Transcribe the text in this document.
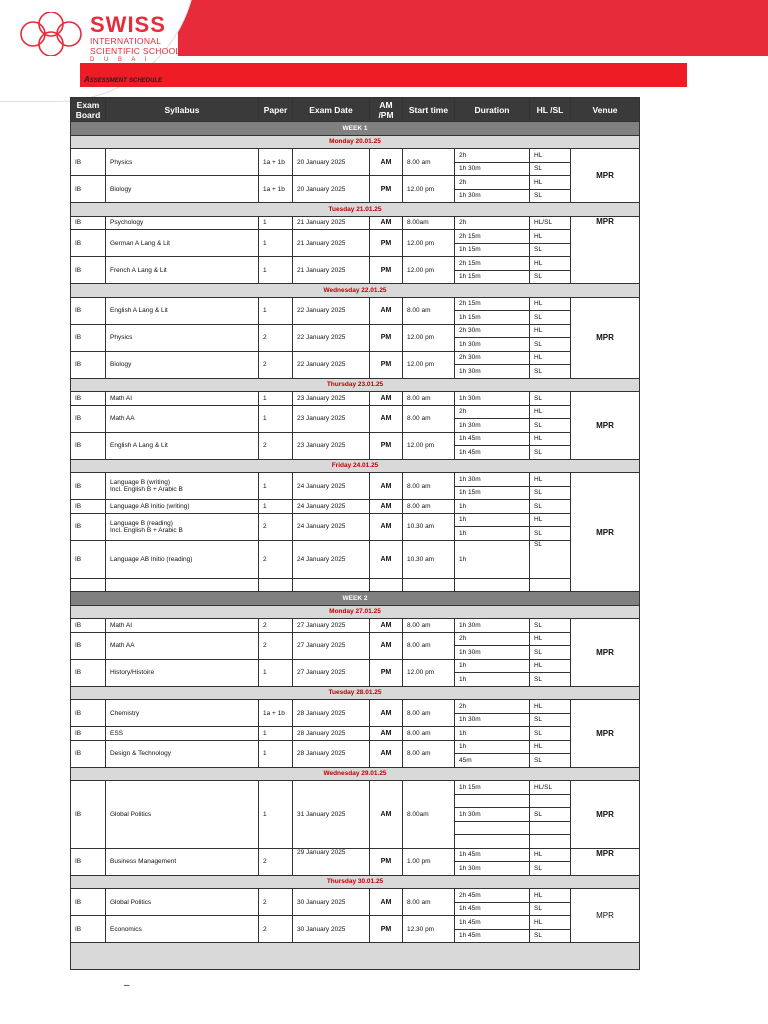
SWISS
INTERNATIONAL
SCIENTIFIC SCHOOL
D U B A I
Assessment schedule
Exam Board	Syllabus	Paper	Exam Date	AM /PM	Start time	Duration	HL /SL	Venue
WEEK 1								
Monday 20.01.25								
IB	Physics	1a + 1b	20 January 2025	AM	8.00 am	2h	HL	MPR
						1h 30m	SL	
IB	Biology	1a + 1b	20 January 2025	PM	12.00 pm	2h	HL	
						1h 30m	SL	
Tuesday 21.01.25								
IB	Psychology	1	21 January 2025	AM	8.00am	2h	HL/SL	MPR
IB	German A Lang & Lit	1	21 January 2025	PM	12.00 pm	2h 15m	HL	
						1h 15m	SL	
IB	French A Lang & Lit	1	21 January 2025	PM	12.00 pm	2h 15m	HL	
						1h 15m	SL	
Wednesday 22.01.25								
IB	English A Lang & Lit	1	22 January 2025	AM	8.00 am	2h 15m	HL	MPR
						1h 15m	SL	
IB	Physics	2	22 January 2025	PM	12.00 pm	2h 30m	HL	
						1h 30m	SL	
IB	Biology	2	22 January 2025	PM	12.00 pm	2h 30m	HL	
						1h 30m	SL	
Thursday 23.01.25								
IB	Math AI	1	23 January 2025	AM	8.00 am	1h 30m	SL	MPR
IB	Math AA	1	23 January 2025	AM	8.00 am	2h	HL	
						1h 30m	SL	
IB	English A Lang & Lit	2	23 January 2025	PM	12.00 pm	1h 45m	HL	
						1h 45m	SL	
Friday 24.01.25								
IB	Language B (writing)
Incl. English B + Arabic B	1	24 January 2025	AM	8.00 am	1h 30m	HL	MPR
						1h 15m	SL	
IB	Language AB Initio (writing)	1	24 January 2025	AM	8.00 am	1h	SL	
IB	Language B (reading)
Incl. English B + Arabic B	2	24 January 2025	AM	10.30 am	1h	HL	
						1h	SL	
IB	Language AB Initio (reading)	2	24 January 2025	AM	10.30 am	1h	SL	

WEEK 2								
Monday 27.01.25								
IB	Math AI	2	27 January 2025	AM	8.00 am	1h 30m	SL	MPR
IB	Math AA	2	27 January 2025	AM	8.00 am	2h	HL	
						1h 30m	SL	
IB	History/Histoire	1	27 January 2025	PM	12.00 pm	1h	HL	
						1h	SL	
Tuesday 28.01.25								
IB	Chemistry	1a + 1b	28 January 2025	AM	8.00 am	2h	HL	MPR
						1h 30m	SL	
IB	ESS	1	28 January 2025	AM	8.00 am	1h	SL	
IB	Design & Technology	1	28 January 2025	AM	8.00 am	1h	HL	
						45m	SL	
Wednesday 29.01.25								
IB	Global Politics	1	31 January 2025	AM	8.00am	1h 15m	HL/SL	MPR

						1h 30m	SL	

IB	Business Management	2	29 January 2025	PM	1.00 pm	1h 45m	HL	MPR
						1h 30m	SL	
Thursday 30.01.25								
IB	Global Politics	2	30 January 2025	AM	8.00 am	2h 45m	HL	MPR
						1h 45m	SL	
IB	Economics	2	30 January 2025	PM	12.30 pm	1h 45m	HL	
						1h 45m	SL	

–
